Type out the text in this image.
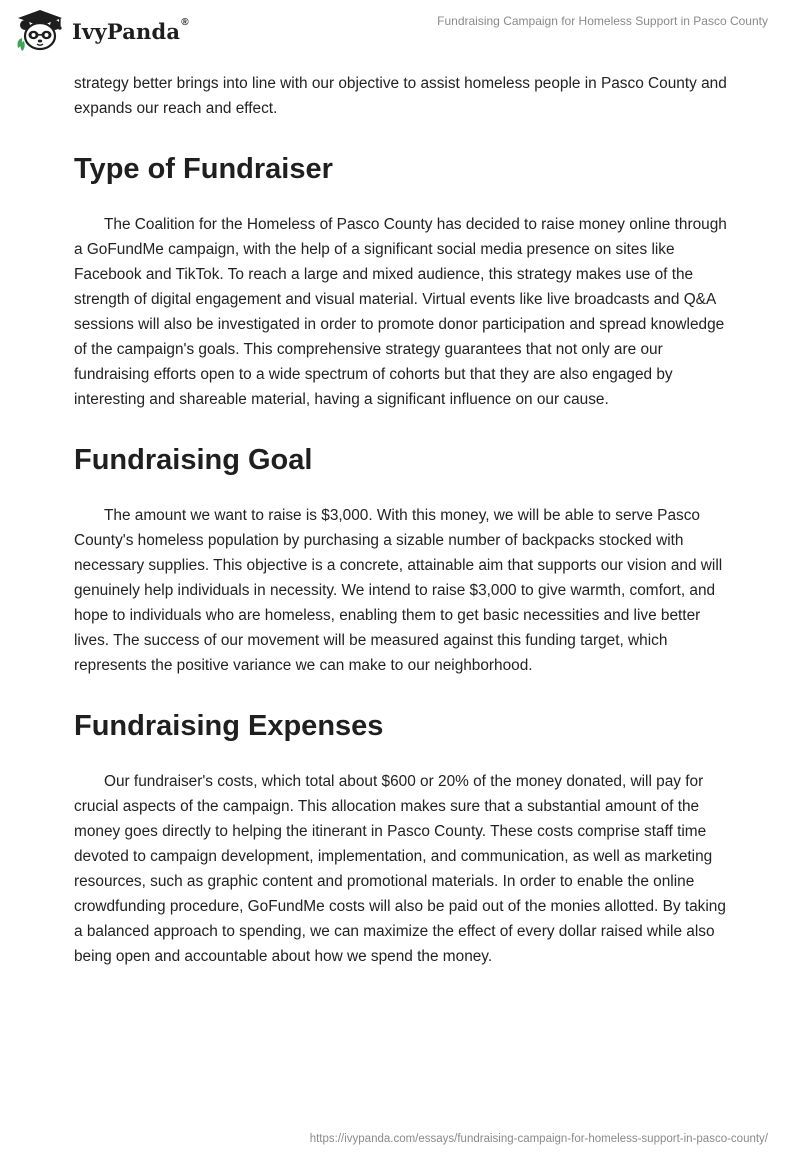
IvyPanda®	Fundraising Campaign for Homeless Support in Pasco County

strategy better brings into line with our objective to assist homeless people in Pasco County and expands our reach and effect.

Type of Fundraiser

The Coalition for the Homeless of Pasco County has decided to raise money online through a GoFundMe campaign, with the help of a significant social media presence on sites like Facebook and TikTok. To reach a large and mixed audience, this strategy makes use of the strength of digital engagement and visual material. Virtual events like live broadcasts and Q&A sessions will also be investigated in order to promote donor participation and spread knowledge of the campaign's goals. This comprehensive strategy guarantees that not only are our fundraising efforts open to a wide spectrum of cohorts but that they are also engaged by interesting and shareable material, having a significant influence on our cause.

Fundraising Goal

The amount we want to raise is $3,000. With this money, we will be able to serve Pasco County's homeless population by purchasing a sizable number of backpacks stocked with necessary supplies. This objective is a concrete, attainable aim that supports our vision and will genuinely help individuals in necessity. We intend to raise $3,000 to give warmth, comfort, and hope to individuals who are homeless, enabling them to get basic necessities and live better lives. The success of our movement will be measured against this funding target, which represents the positive variance we can make to our neighborhood.

Fundraising Expenses

Our fundraiser's costs, which total about $600 or 20% of the money donated, will pay for crucial aspects of the campaign. This allocation makes sure that a substantial amount of the money goes directly to helping the itinerant in Pasco County. These costs comprise staff time devoted to campaign development, implementation, and communication, as well as marketing resources, such as graphic content and promotional materials. In order to enable the online crowdfunding procedure, GoFundMe costs will also be paid out of the monies allotted. By taking a balanced approach to spending, we can maximize the effect of every dollar raised while also being open and accountable about how we spend the money.

https://ivypanda.com/essays/fundraising-campaign-for-homeless-support-in-pasco-county/
